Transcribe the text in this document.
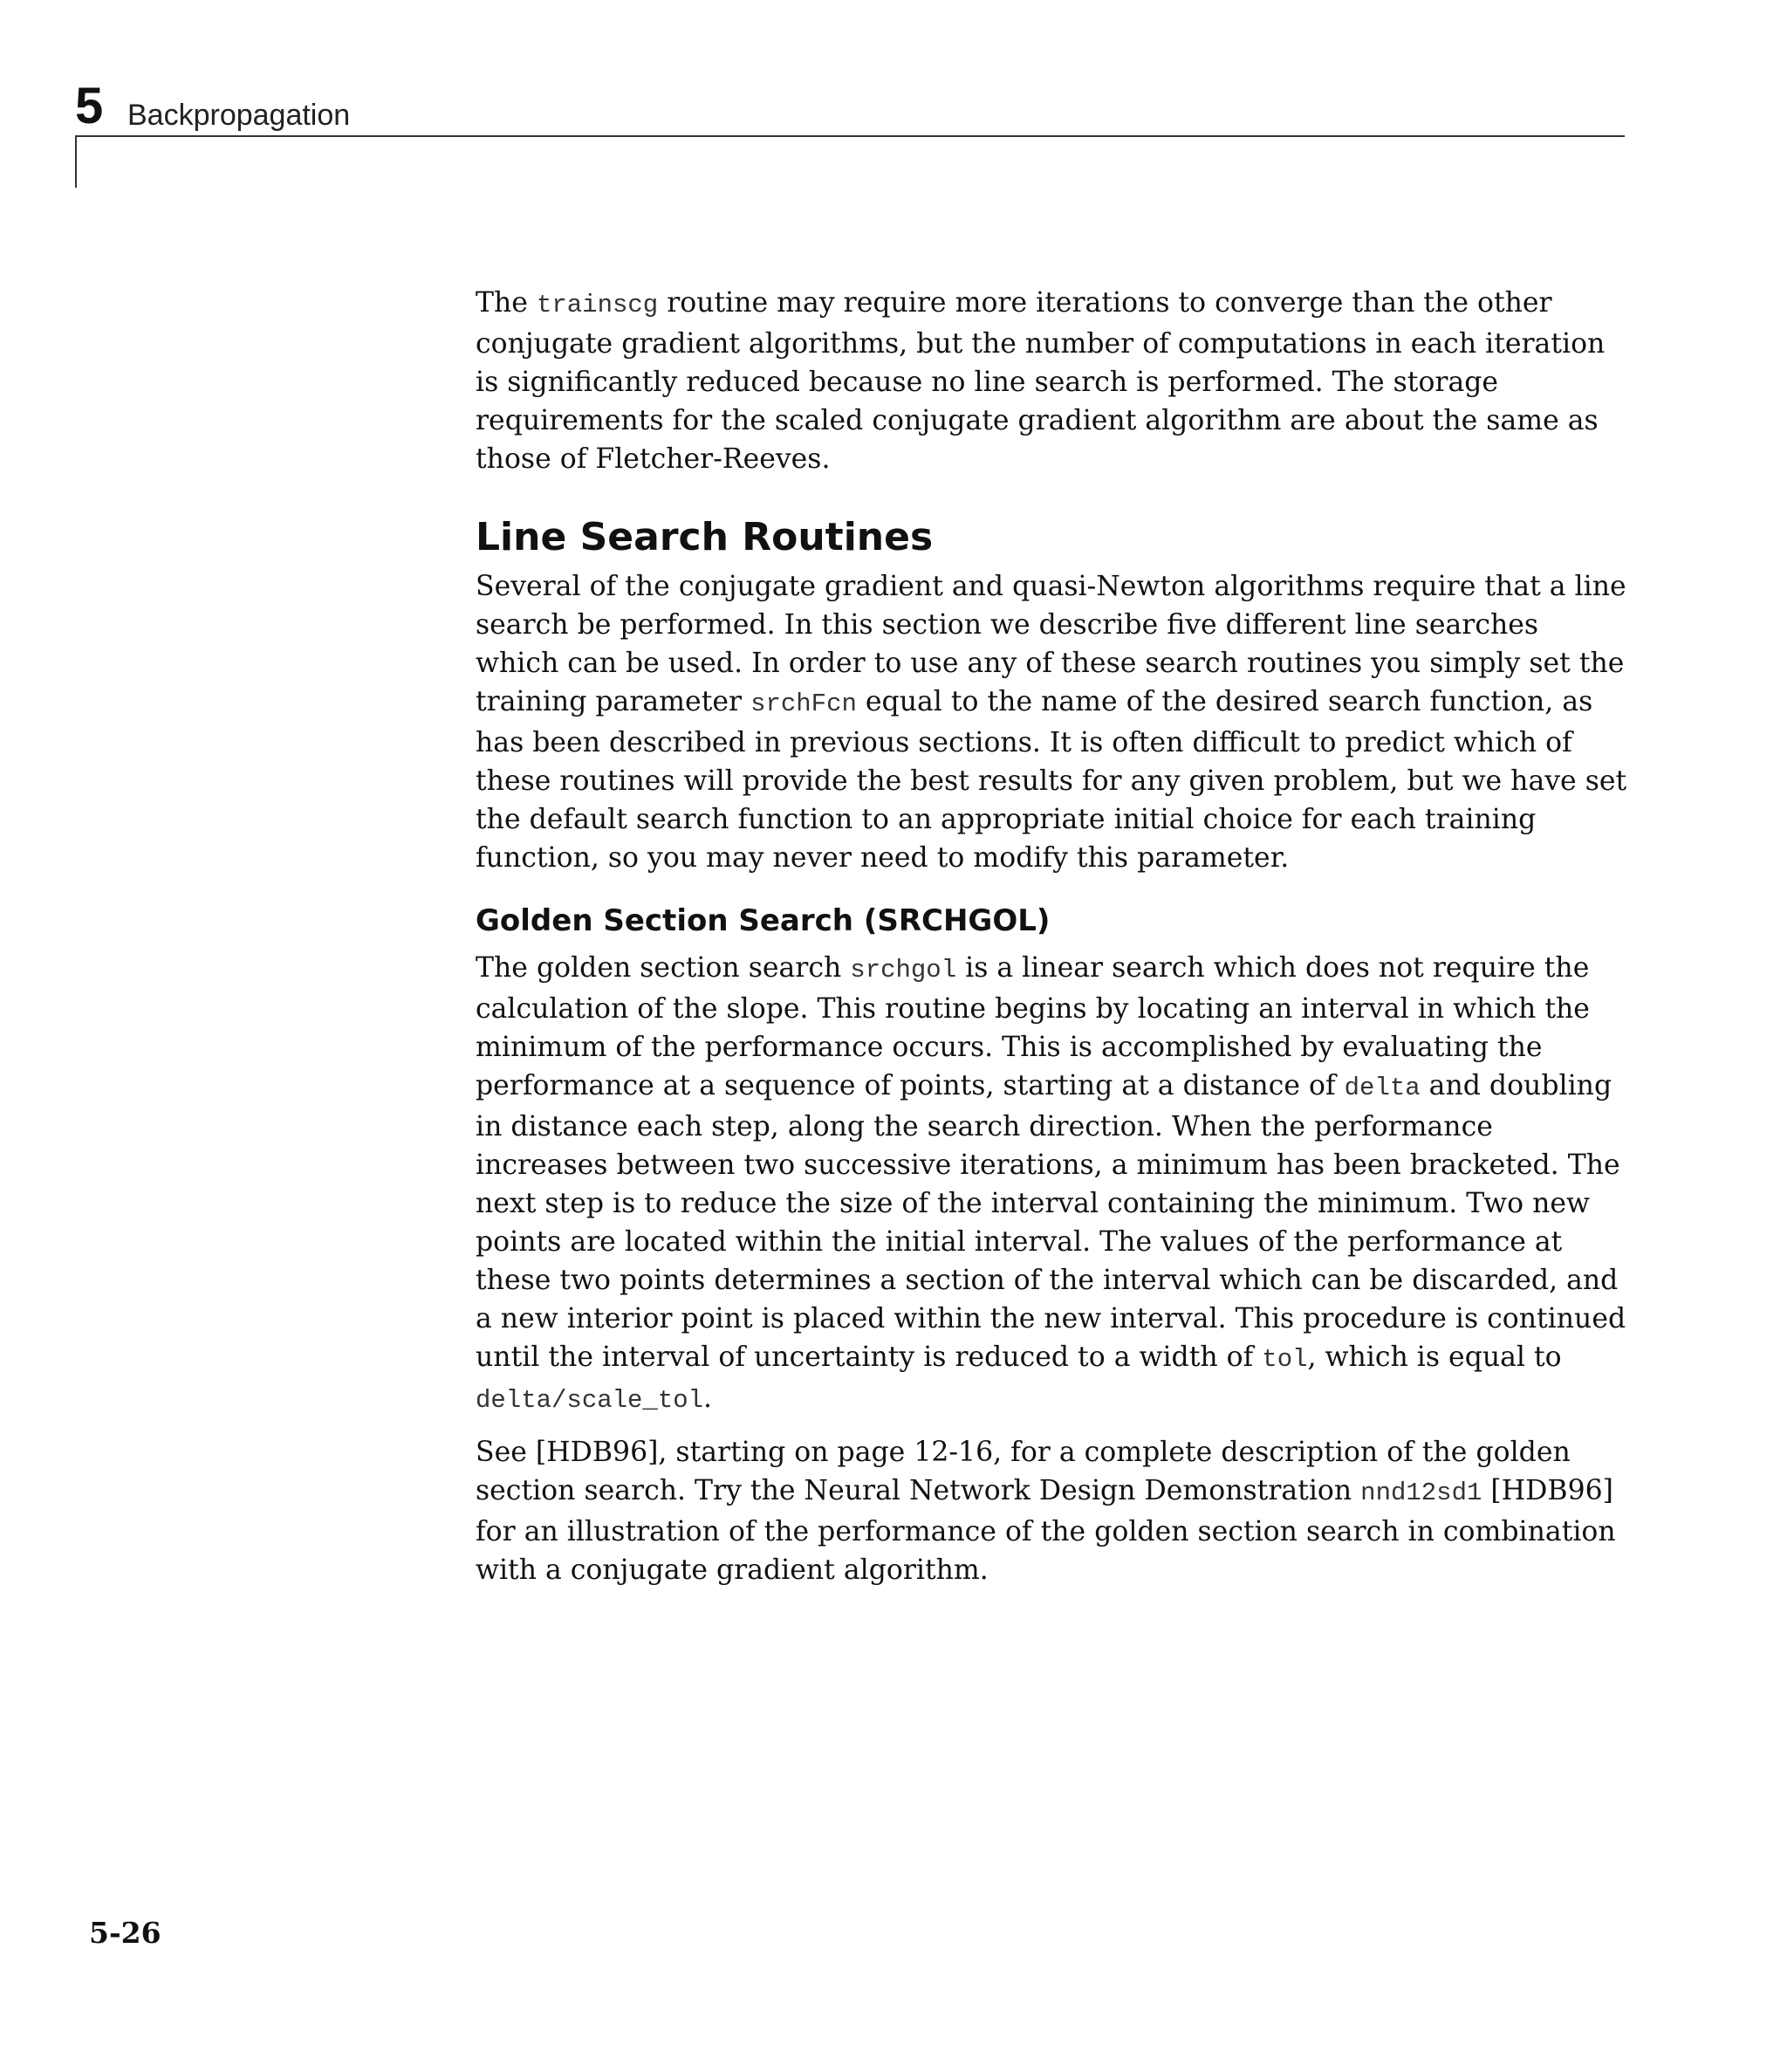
5 Backpropagation

The trainscg routine may require more iterations to converge than the other conjugate gradient algorithms, but the number of computations in each iteration is significantly reduced because no line search is performed. The storage requirements for the scaled conjugate gradient algorithm are about the same as those of Fletcher-Reeves.

Line Search Routines

Several of the conjugate gradient and quasi-Newton algorithms require that a line search be performed. In this section we describe five different line searches which can be used. In order to use any of these search routines you simply set the training parameter srchFcn equal to the name of the desired search function, as has been described in previous sections. It is often difficult to predict which of these routines will provide the best results for any given problem, but we have set the default search function to an appropriate initial choice for each training function, so you may never need to modify this parameter.

Golden Section Search (SRCHGOL)

The golden section search srchgol is a linear search which does not require the calculation of the slope. This routine begins by locating an interval in which the minimum of the performance occurs. This is accomplished by evaluating the performance at a sequence of points, starting at a distance of delta and doubling in distance each step, along the search direction. When the performance increases between two successive iterations, a minimum has been bracketed. The next step is to reduce the size of the interval containing the minimum. Two new points are located within the initial interval. The values of the performance at these two points determines a section of the interval which can be discarded, and a new interior point is placed within the new interval. This procedure is continued until the interval of uncertainty is reduced to a width of tol, which is equal to delta/scale_tol.

See [HDB96], starting on page 12-16, for a complete description of the golden section search. Try the Neural Network Design Demonstration nnd12sd1 [HDB96] for an illustration of the performance of the golden section search in combination with a conjugate gradient algorithm.

5-26
